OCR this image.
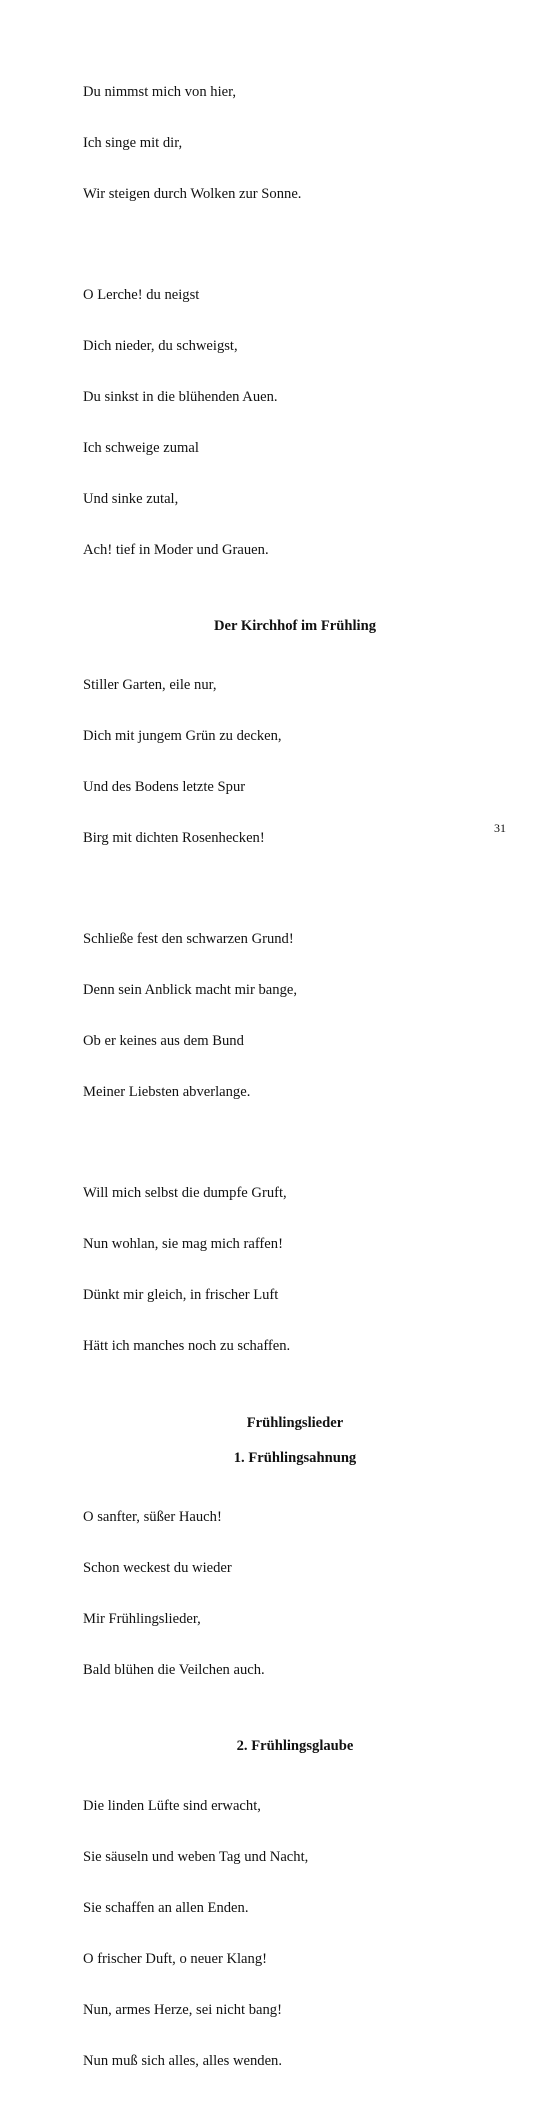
Du nimmst mich von hier,

Ich singe mit dir,

Wir steigen durch Wolken zur Sonne.

O Lerche! du neigst

Dich nieder, du schweigst,

Du sinkst in die blühenden Auen.

Ich schweige zumal

Und sinke zutal,

Ach! tief in Moder und Grauen.

Der Kirchhof im Frühling

Stiller Garten, eile nur,

Dich mit jungem Grün zu decken,

Und des Bodens letzte Spur

Birg mit dichten Rosenhecken!

Schließe fest den schwarzen Grund!

Denn sein Anblick macht mir bange,

Ob er keines aus dem Bund

Meiner Liebsten abverlange.

Will mich selbst die dumpfe Gruft,

Nun wohlan, sie mag mich raffen!

Dünkt mir gleich, in frischer Luft

Hätt ich manches noch zu schaffen.

Frühlingslieder
1. Frühlingsahnung

O sanfter, süßer Hauch!

Schon weckest du wieder

Mir Frühlingslieder,

Bald blühen die Veilchen auch.

2. Frühlingsglaube

Die linden Lüfte sind erwacht,

Sie säuseln und weben Tag und Nacht,

Sie schaffen an allen Enden.

O frischer Duft, o neuer Klang!

Nun, armes Herze, sei nicht bang!

Nun muß sich alles, alles wenden.

31
